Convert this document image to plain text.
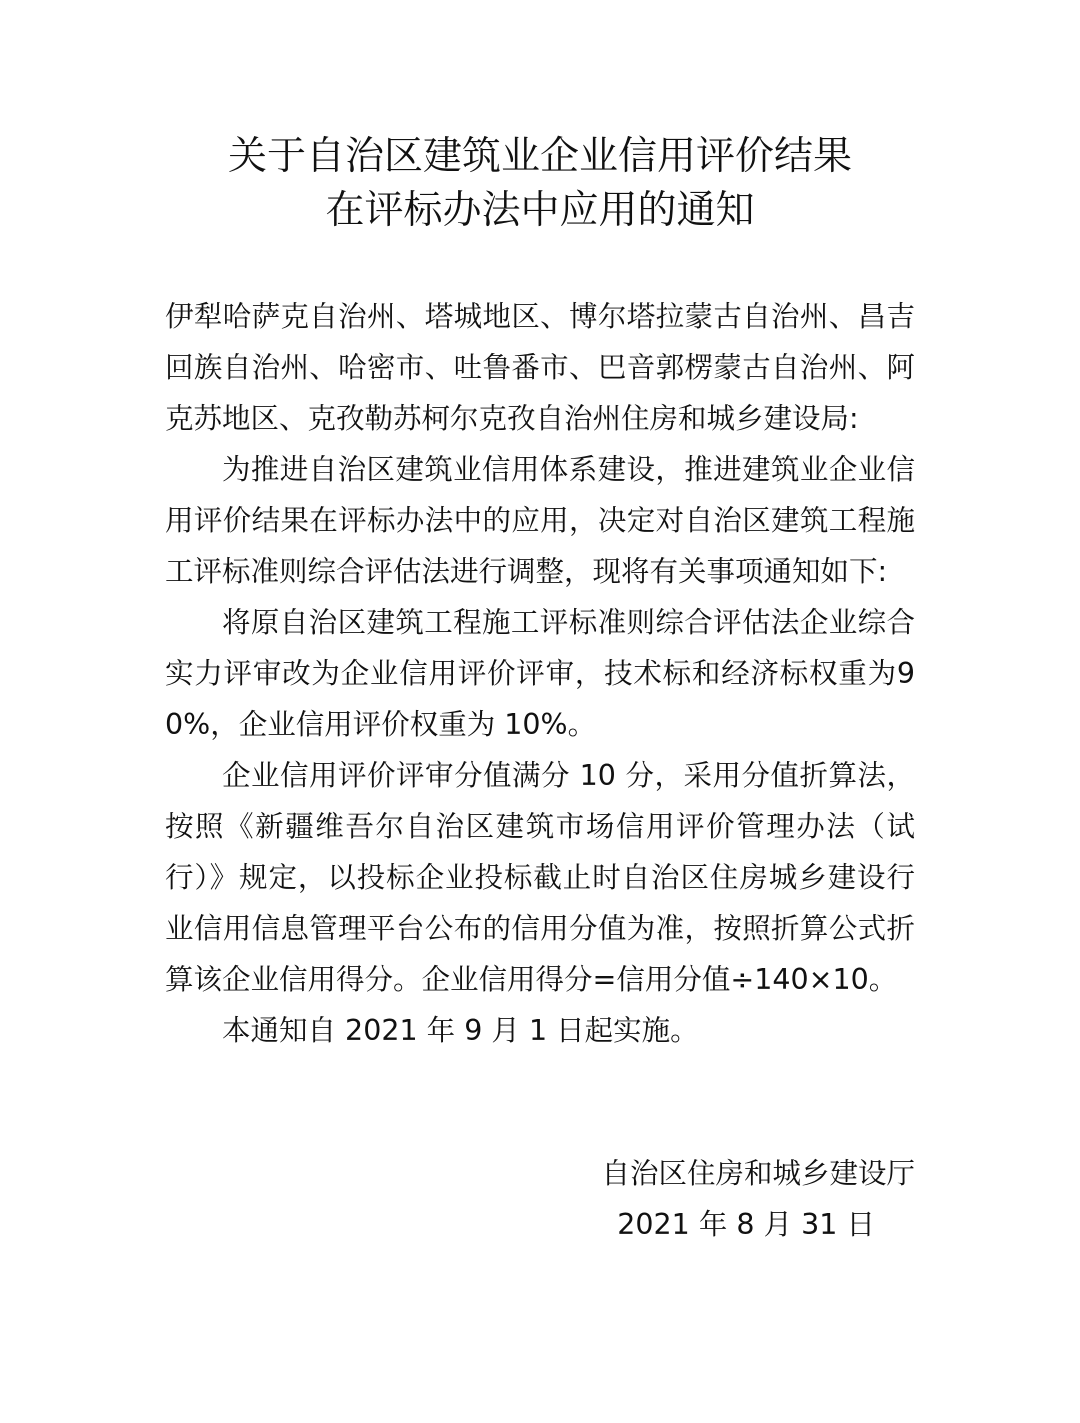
关于自治区建筑业企业信用评价结果
在评标办法中应用的通知

伊犁哈萨克自治州、塔城地区、博尔塔拉蒙古自治州、昌吉回族自治州、哈密市、吐鲁番市、巴音郭楞蒙古自治州、阿克苏地区、克孜勒苏柯尔克孜自治州住房和城乡建设局:

为推进自治区建筑业信用体系建设，推进建筑业企业信用评价结果在评标办法中的应用，决定对自治区建筑工程施工评标准则综合评估法进行调整，现将有关事项通知如下:

将原自治区建筑工程施工评标准则综合评估法企业综合实力评审改为企业信用评价评审，技术标和经济标权重为90%，企业信用评价权重为 10%。

企业信用评价评审分值满分 10 分，采用分值折算法，按照《新疆维吾尔自治区建筑市场信用评价管理办法（试行）》规定，以投标企业投标截止时自治区住房城乡建设行业信用信息管理平台公布的信用分值为准，按照折算公式折算该企业信用得分。企业信用得分=信用分值÷140×10。

本通知自 2021 年 9 月 1 日起实施。

自治区住房和城乡建设厅
2021 年 8 月 31 日
